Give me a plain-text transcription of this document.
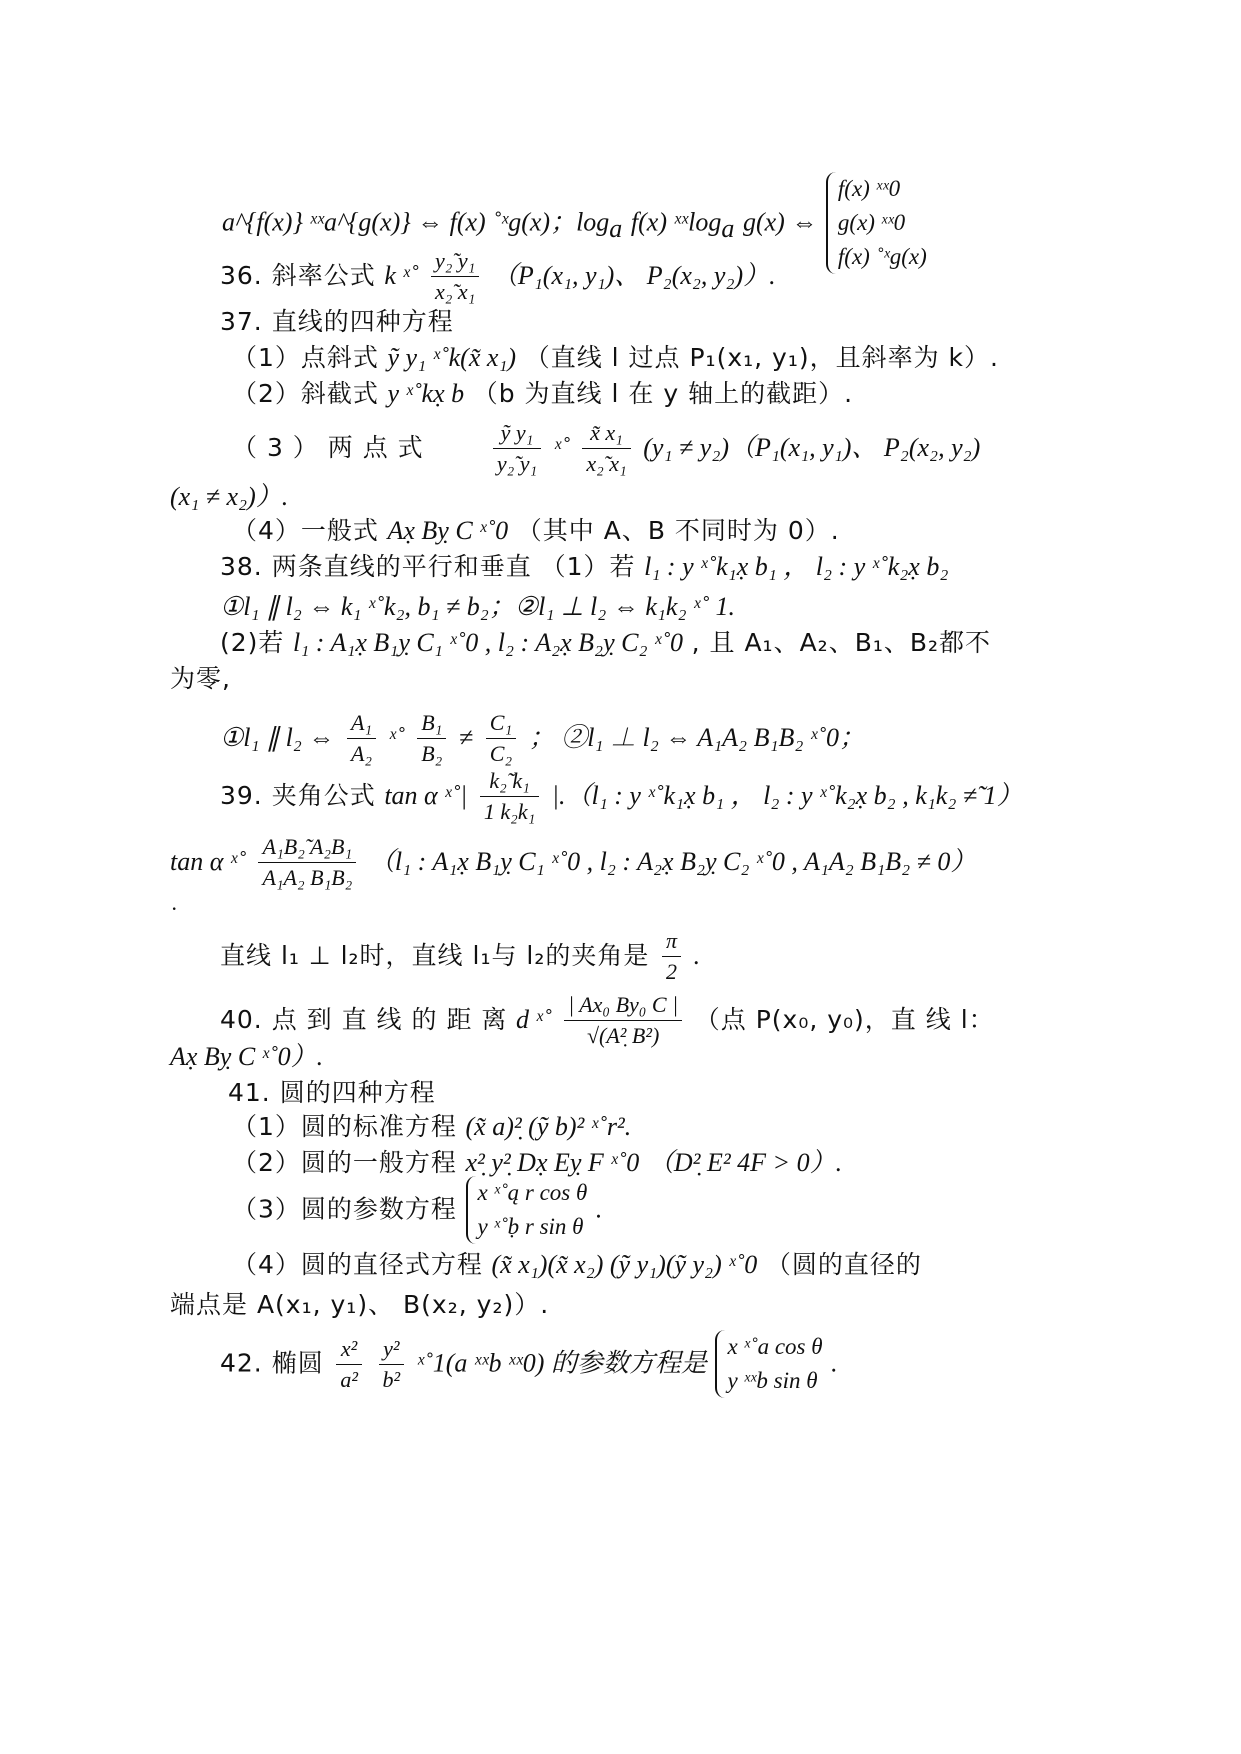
a^{f(x)} ˣˣa^{g(x)} ⇔ f(x) ˚ˣg(x)；$\log_a f(x)$ ˣˣlog$_a$ g(x) ⇔
f(x) ˣˣ0
g(x) ˣˣ0
f(x) ˚ˣg(x)
36. 斜率公式 k ˣ˚ $\frac{\text{y₂̃ y₁}}{\text{x₂̃ x₁}} (P_1(x_1$, y₁)、 P₂(x₂, y₂)）.
37. 直线的四种方程
（1）点斜式 ỹ y₁ ˣ˚k(x̃ x₁) （直线 l 过点 P₁(x₁, y₁)，且斜率为 k）.
（2）斜截式 y ˣ˚kx̣ b （b 为直线 l 在 y 轴上的截距）.
（ 3 ） 两 点 式	$\frac{\text{ỹ y₁}}{\text{y₂̃ y₁}}$ ˣ˚ $\frac{\text{x̃ x₁}}{\text{x₂̃ x₁}} (y_1 \ne y_2)(P_1(x_1$, y₁)、 P₂(x₂, y₂)
(x₁ ≠ x₂)）.
（4）一般式 Ax̣ Bỵ C ˣ˚0 （其中 A、B 不同时为 0）.
38. 两条直线的平行和垂直 （1）若 l₁ : y ˣ˚k₁x̣ b₁ ， l₂ : y ˣ˚k₂x̣ b₂
①l₁ ∥ l₂ ⇔ k₁ ˣ˚k₂, b₁ ≠ b₂；②l₁ ⊥ l₂ ⇔ k₁k₂ ˣ˚ 1.
(2)若 l₁ : A₁x̣ B₁ỵ C₁ ˣ˚0 , l₂ : A₂x̣ B₂ỵ C₂ ˣ˚0 , 且 A₁、A₂、B₁、B₂都不
为零,
①l₁ ∥ l₂ ⇔ $\frac{\text{A₁}}{\text{A₂}}$ ˣ˚ $\frac{\text{B₁}}{\text{B₂}} \ne \frac{\text{C₁}}{\text{C₂}}$ ； ②l₁ ⊥ l₂ ⇔ A₁A₂ B₁B₂ ˣ˚0；
39. 夹角公式 tan α ˣ˚| $\frac{\text{k₂̃ k₁}}{\text{1 k₂k₁}} |.(l_1$ : y ˣ˚k₁x̣ b₁ ， l₂ : y ˣ˚k₂x̣ b₂ , k₁k₂ ≠̃ 1）
tan α ˣ˚ $\frac{\text{A₁B₂̃ A₂B₁}}{\text{A₁A₂ B₁B₂}} (l_1$ : A₁x̣ B₁ỵ C₁ ˣ˚0 , l₂ : A₂x̣ B₂ỵ C₂ ˣ˚0 , A₁A₂ B₁B₂ ≠ 0）
.
直线 l₁ ⊥ l₂时，直线 l₁与 l₂的夹角是 $\frac{\pi}{2}$ .
40. 点 到 直 线 的 距 离 d ˣ˚ $\frac{\text{| Ax₀ By₀ C |}}{\text{√(A²̣ B²)}}$ （点 P(x₀, y₀)，直 线 l：
Ax̣ Bỵ C ˣ˚0）.
41. 圆的四种方程
（1）圆的标准方程 (x̃ a)²̣ (ỹ b)² ˣ˚r².
（2）圆的一般方程 x²̣ y²̣ Dx̣ Eỵ F ˣ˚0 （D²̣ E² 4F > 0）.
（3）圆的参数方程
x ˣ˚ą r cos θ
y ˣ˚ḅ r sin θ
.
（4）圆的直径式方程 (x̃ x₁)(x̃ x₂) (ỹ y₁)(ỹ y₂) ˣ˚0 （圆的直径的
端点是 A(x₁, y₁)、 B(x₂, y₂)）.
42. 椭圆 $\frac{\text{x²}}{\text{a²}}$
$\frac{\text{y²}}{\text{b²}}$ ˣ˚1(a ˣˣb ˣˣ0) 的参数方程是
x ˣ˚a cos θ
y ˣˣb sin θ
.
